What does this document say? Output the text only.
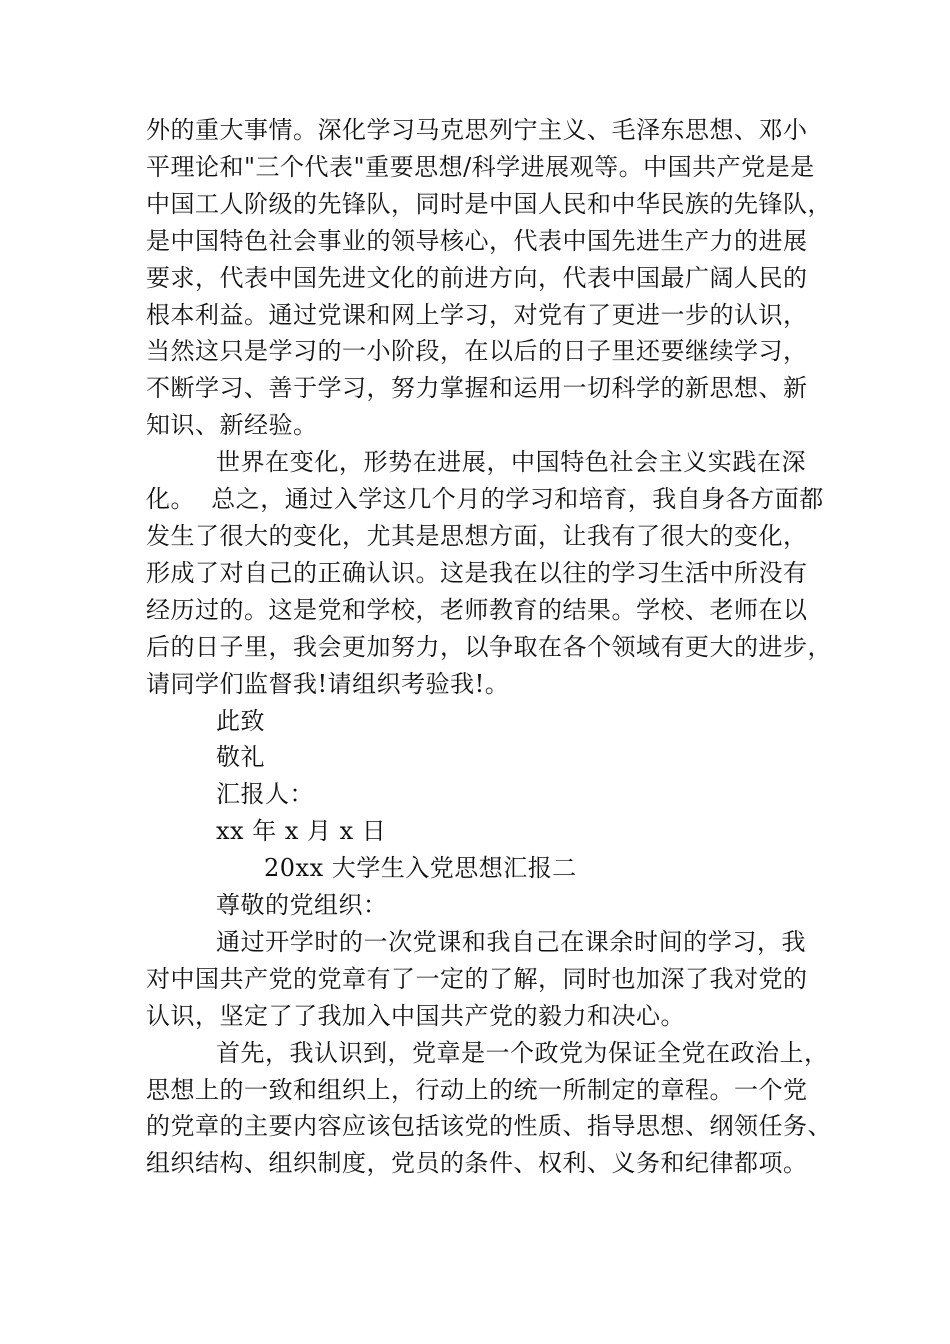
外的重大事情。深化学习马克思列宁主义、毛泽东思想、邓小
平理论和"三个代表"重要思想/科学进展观等。中国共产党是是
中国工人阶级的先锋队，同时是中国人民和中华民族的先锋队，
是中国特色社会事业的领导核心，代表中国先进生产力的进展
要求，代表中国先进文化的前进方向，代表中国最广阔人民的
根本利益。通过党课和网上学习，对党有了更进一步的认识，
当然这只是学习的一小阶段，在以后的日子里还要继续学习，
不断学习、善于学习，努力掌握和运用一切科学的新思想、新
知识、新经验。
世界在变化，形势在进展，中国特色社会主义实践在深
化。  总之，通过入学这几个月的学习和培育，我自身各方面都
发生了很大的变化，尤其是思想方面，让我有了很大的变化，
形成了对自己的正确认识。这是我在以往的学习生活中所没有
经历过的。这是党和学校，老师教育的结果。学校、老师在以
后的日子里，我会更加努力，以争取在各个领域有更大的进步，
请同学们监督我!请组织考验我!。
此致
敬礼
汇报人：
xx 年 x 月 x 日
20xx 大学生入党思想汇报二
尊敬的党组织：
通过开学时的一次党课和我自己在课余时间的学习，我
对中国共产党的党章有了一定的了解，同时也加深了我对党的
认识，坚定了了我加入中国共产党的毅力和决心。
首先，我认识到，党章是一个政党为保证全党在政治上，
思想上的一致和组织上，行动上的统一所制定的章程。一个党
的党章的主要内容应该包括该党的性质、指导思想、纲领任务、
组织结构、组织制度，党员的条件、权利、义务和纪律都项。
